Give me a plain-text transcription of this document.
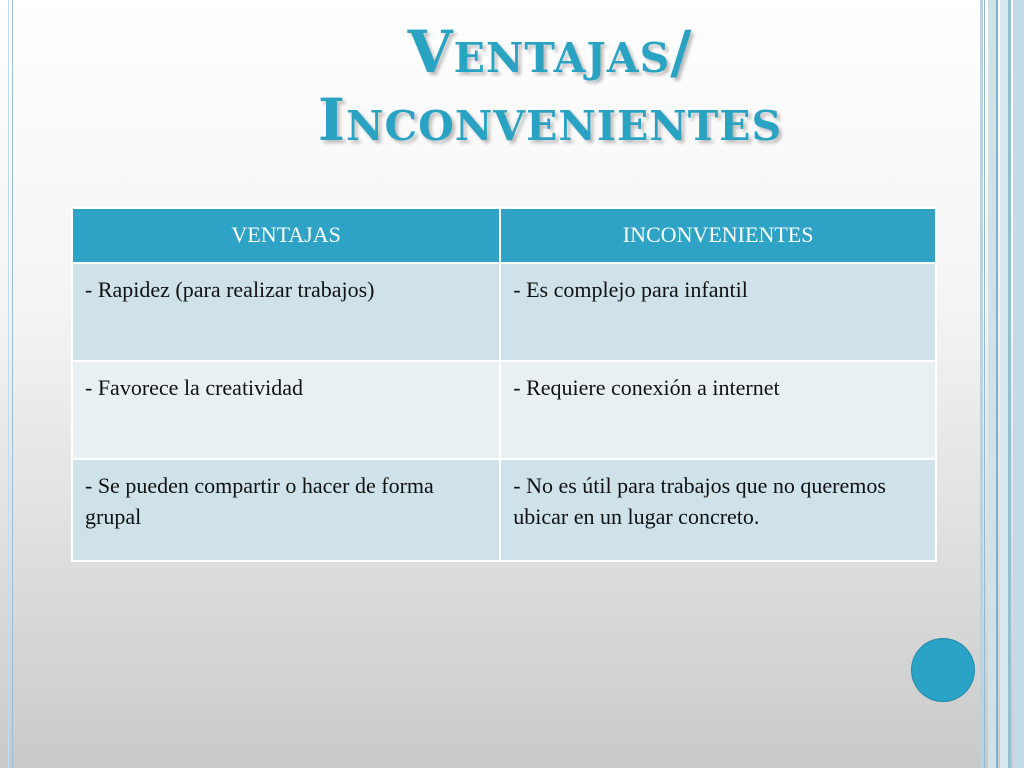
Ventajas/
Inconvenientes
VENTAJAS	INCONVENIENTES
- Rapidez (para realizar trabajos)	- Es complejo para infantil
- Favorece la creatividad	- Requiere conexión a internet
- Se pueden compartir o hacer de forma grupal	- No es útil para trabajos que no queremos ubicar en un lugar concreto.
